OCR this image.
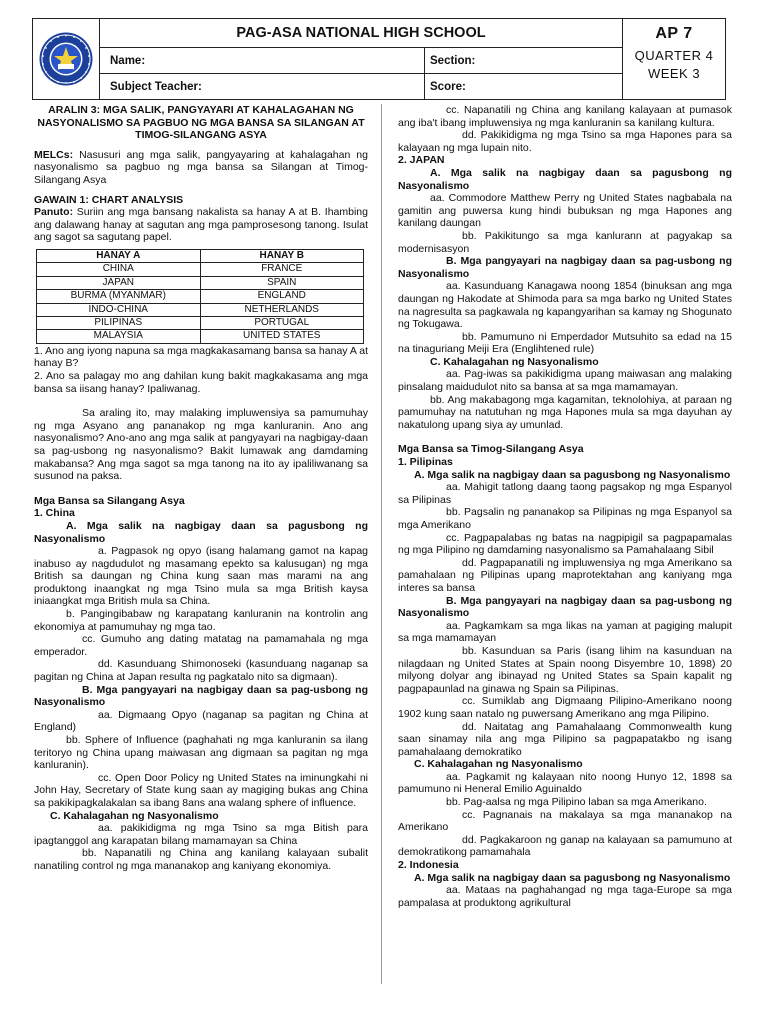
PAG-ASA NATIONAL HIGH SCHOOL
Name:	Section:
Subject Teacher:	Score:
AP 7
QUARTER 4
WEEK 3

ARALIN 3: MGA SALIK, PANGYAYARI AT KAHALAGAHAN NG
NASYONALISMO SA PAGBUO NG MGA BANSA SA SILANGAN AT
TIMOG-SILANGANG ASYA

MELCs: Nasusuri ang mga salik, pangyayaring at kahalagahan ng nasyonalismo sa pagbuo ng mga bansa sa Silangan at Timog-Silangang Asya

GAWAIN 1: CHART ANALYSIS

Panuto: Suriin ang mga bansang nakalista sa hanay A at B. Ihambing ang dalawang hanay at sagutan ang mga pamprosesong tanong. Isulat ang sagot sa sagutang papel.

HANAY A	HANAY B
CHINA	FRANCE
JAPAN	SPAIN
BURMA (MYANMAR)	ENGLAND
INDO-CHINA	NETHERLANDS
PILIPINAS	PORTUGAL
MALAYSIA	UNITED STATES

1. Ano ang iyong napuna sa mga magkakasamang bansa sa hanay A at hanay B?

2. Ano sa palagay mo ang dahilan kung bakit magkakasama ang mga bansa sa iisang hanay? Ipaliwanag.

Sa araling ito, may malaking impluwensiya sa pamumuhay ng mga Asyano ang pananakop ng mga kanluranin. Ano ang nasyonalismo? Ano-ano ang mga salik at pangyayari na nagbigay-daan sa pag-usbong ng nasyonalismo? Bakit lumawak ang damdaming makabansa? Ang mga sagot sa mga tanong na ito ay ipaliliwanang sa susunod na paksa.

Mga Bansa sa Silangang Asya

1. China

A. Mga salik na nagbigay daan sa pagusbong ng Nasyonalismo

a. Pagpasok ng opyo (isang halamang gamot na kapag inabuso ay nagdudulot ng masamang epekto sa kalusugan) ng mga British sa daungan ng China kung saan mas marami na ang produktong inaangkat ng mga Tsino mula sa mga British kaysa iniaangkat mga British mula sa China.

b. Pangingibabaw ng karapatang kanluranin na kontrolin ang ekonomiya at pamumuhay ng mga tao.

cc. Gumuho ang dating matatag na pamamahala ng mga emperador.

dd. Kasunduang Shimonoseki (kasunduang naganap sa pagitan ng China at Japan resulta ng pagkatalo nito sa digmaan).

B. Mga pangyayari na nagbigay daan sa pag-usbong ng Nasyonalismo

aa. Digmaang Opyo (naganap sa pagitan ng China at England)

bb. Sphere of Influence (paghahati ng mga kanluranin sa ilang teritoryo ng China upang maiwasan ang digmaan sa pagitan ng mga kanluranin).

cc. Open Door Policy ng United States na iminungkahi ni John Hay, Secretary of State kung saan ay magiging bukas ang China sa pakikipagkalakalan sa ibang 8ans ana walang sphere of influence.

C. Kahalagahan ng Nasyonalismo

aa. pakikidigma ng mga Tsino sa mga Bitish para ipagtanggol ang karapatan bilang mamamayan sa China

bb. Napanatili ng China ang kanilang kalayaan subalit nanatiling control ng mga mananakop ang kaniyang ekonomiya.

cc. Napanatili ng China ang kanilang kalayaan at pumasok ang iba't ibang impluwensiya ng mga kanluranin sa kanilang kultura.

dd. Pakikidigma ng mga Tsino sa mga Hapones para sa kalayaan ng mga lupain nito.

2. JAPAN

A. Mga salik na nagbigay daan sa pagusbong ng Nasyonalismo

aa. Commodore Matthew Perry ng United States nagbabala na gamitin ang puwersa kung hindi bubuksan ng mga Hapones ang kanilang daungan

bb. Pakikitungo sa mga kanlurann at pagyakap sa modernisasyon

B. Mga pangyayari na nagbigay daan sa pag-usbong ng Nasyonalismo

aa. Kasunduang Kanagawa noong 1854 (binuksan ang mga daungan ng Hakodate at Shimoda para sa mga barko ng United States na nagresulta sa pagkawala ng kapangyarihan sa kamay ng Shogunato ng Tokugawa.

bb. Pamumuno ni Emperdador Mutsuhito sa edad na 15 na tinaguriang Meiji Era (Englihtened rule)

C. Kahalagahan ng Nasyonalismo

aa. Pag-iwas sa pakikidigma upang maiwasan ang malaking pinsalang maidudulot nito sa bansa at sa mga mamamayan.

bb. Ang makabagong mga kagamitan, teknolohiya, at paraan ng pamumuhay na natutuhan ng mga Hapones mula sa mga dayuhan ay nakatulong upang siya ay umunlad.

Mga Bansa sa Timog-Silangang Asya

1. Pilipinas

A. Mga salik na nagbigay daan sa pagusbong ng Nasyonalismo

aa. Mahigit tatlong daang taong pagsakop ng mga Espanyol sa Pilipinas

bb. Pagsalin ng pananakop sa Pilipinas ng mga Espanyol sa mga Amerikano

cc. Pagpapalabas ng batas na nagpipigil sa pagpapamalas ng mga Pilipino ng damdaming nasyonalismo sa Pamahalaang Sibil

dd. Pagpapanatili ng impluwensiya ng mga Amerikano sa pamahalaan ng Pilipinas upang maprotektahan ang kaniyang mga interes sa bansa

B. Mga pangyayari na nagbigay daan sa pag-usbong ng Nasyonalismo

aa. Pagkamkam sa mga likas na yaman at pagiging malupit sa mga mamamayan

bb. Kasunduan sa Paris (isang lihim na kasunduan na nilagdaan ng United States at Spain noong Disyembre 10, 1898) 20 milyong dolyar ang ibinayad ng United States sa Spain kapalit ng pagpapaunlad na ginawa ng Spain sa Pilipinas.

cc. Sumiklab ang Digmaang Pilipino-Amerikano noong 1902 kung saan natalo ng puwersang Amerikano ang mga Pilipino.

dd. Naitatag ang Pamahalaang Commonwealth kung saan sinamay nila ang mga Pilipino sa pagpapatakbo ng isang pamahalaang demokratiko

C. Kahalagahan ng Nasyonalismo

aa. Pagkamit ng kalayaan nito noong Hunyo 12, 1898 sa pamumuno ni Heneral Emilio Aguinaldo

bb. Pag-aalsa ng mga Pilipino laban sa mga Amerikano.

cc. Pagnanais na makalaya sa mga mananakop na Amerikano

dd. Pagkakaroon ng ganap na kalayaan sa pamumuno at demokratikong pamamahala

2. Indonesia

A. Mga salik na nagbigay daan sa pagusbong ng Nasyonalismo

aa. Mataas na paghahangad ng mga taga-Europe sa mga pampalasa at produktong agrikultural
